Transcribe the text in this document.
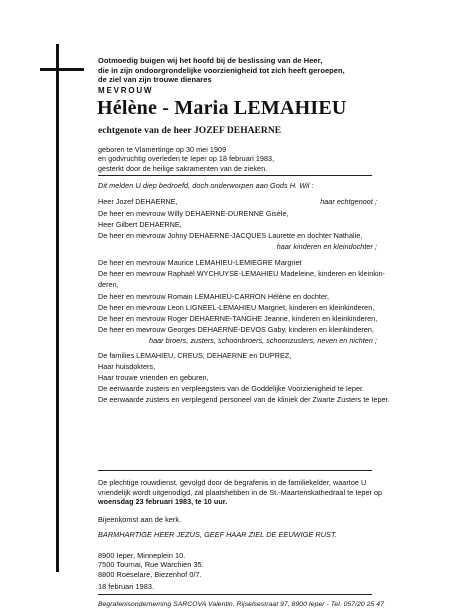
Ootmoedig buigen wij het hoofd bij de beslissing van de Heer,
die in zijn ondoorgrondelijke voorzienigheid tot zich heeft geroepen,
de ziel van zijn trouwe dienares
MEVROUW
Hélène - Maria LEMAHIEU
echtgenote van de heer JOZEF DEHAERNE
geboren te Vlamertinge op 30 mei 1909
en godvruchtig overleden te Ieper op 18 februari 1983,
gesterkt door de heilige sakramenten van de zieken.
Dit melden U diep bedroefd, doch onderworpen aan Gods H. Wil :
Heer Jozef DEHAERNE,	haar echtgenoot ;
De heer en mevrouw Willy DEHAERNE-DURENNE Gisèle,
Heer Gilbert DEHAERNE,
De heer en mevrouw Johny DEHAERNE-JACQUES Laurette en dochter Nathalie,
haar kinderen en kleindochter ;
De heer en mevrouw Maurice LEMAHIEU-LEMIEGRE Margriet
De heer en mevrouw Raphaël WYCHUYSE-LEMAHIEU Madeleine, kinderen en kleinkin-
deren,
De heer en mevrouw Romain LEMAHIEU-CARRON Hélène en dochter,
De heer en mevrouw Leon LIGNEEL-LEMAHIEU Margriet, kinderen en kleinkinderen,
De heer en mevrouw Roger DEHAERNE-TANGHE Jeanne, kinderen en kleinkinderen,
De heer en mevrouw Georges DEHAERNE-DEVOS Gaby, kinderen en kleinkinderen,
haar broers, zusters, schoonbroers, schoonzusters, neven en nichten ;
De families LEMAHIEU, CREUS, DEHAERNE en DUPREZ,
Haar huisdokters,
Haar trouwe vrienden en geburen,
De eerwaarde zusters en verpleegsters van de Goddelijke Voorzienigheid te Ieper.
De eerwaarde zusters en verplegend personeel van de kliniek der Zwarte Zusters te Ieper.
De plechtige rouwdienst, gevolgd door de begrafenis in de familiekelder, waartoe U
vriendelijk wordt uitgenodigd, zal plaatshebben in de St.-Maartenskathedraal te Ieper op
woensdag 23 februari 1983, te 10 uur.
Bijeenkomst aan de kerk.
BARMHARTIGE HEER JEZUS, GEEF HAAR ZIEL DE EEUWIGE RUST.
8900 Ieper, Minneplein 10.
7500 Tournai, Rue Warchien 35.
8800 Roeselare, Biezenhof 0/7.
18 februari 1983.
Begrafenisonderneming SARCOVA Valentin, Rijselsestraat 97, 8900 Ieper - Tel. 057/20 25 47
